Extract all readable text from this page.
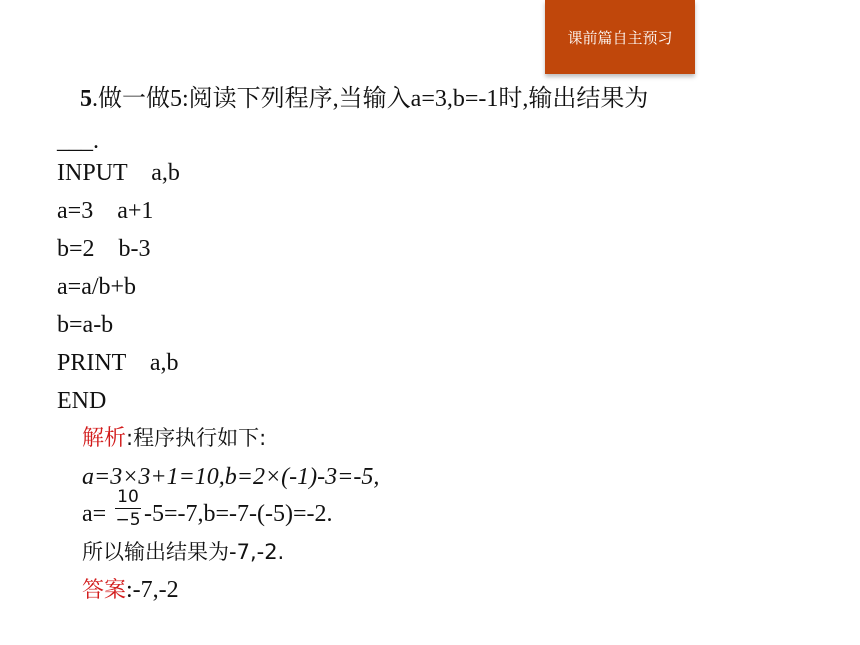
课前篇自主预习
5.做一做5:阅读下列程序,当输入a=3,b=-1时,输出结果为
___.
INPUT    a,b
a=3    a+1
b=2    b-3
a=a/b+b
b=a-b
PRINT    a,b
END
解析:程序执行如下:
a=3×3+1=10,b=2×(-1)-3=-5,
a=
10
−5 -5=-7,b=-7-(-5)=-2.
所以输出结果为-7,-2.
答案:-7,-2
